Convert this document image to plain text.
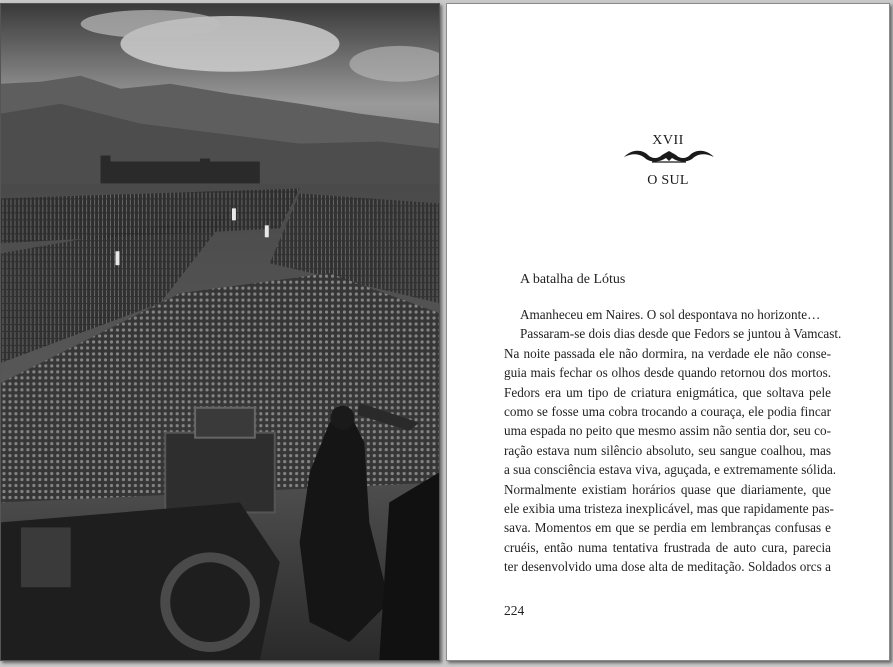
XVII
O SUL
A batalha de Lótus
Amanheceu em Naires. O sol despontava no horizonte…
Passaram-se dois dias desde que Fedors se juntou à Vamcast.
Na noite passada ele não dormira, na verdade ele não conse-
guia mais fechar os olhos desde quando retornou dos mortos.
Fedors era um tipo de criatura enigmática, que soltava pele
como se fosse uma cobra trocando a couraça, ele podia fincar
uma espada no peito que mesmo assim não sentia dor, seu co-
ração estava num silêncio absoluto, seu sangue coalhou, mas
a sua consciência estava viva, aguçada, e extremamente sólida.
Normalmente existiam horários quase que diariamente, que
ele exibia uma tristeza inexplicável, mas que rapidamente pas-
sava. Momentos em que se perdia em lembranças confusas e
cruéis, então numa tentativa frustrada de auto cura, parecia
ter desenvolvido uma dose alta de meditação. Soldados orcs a
224
